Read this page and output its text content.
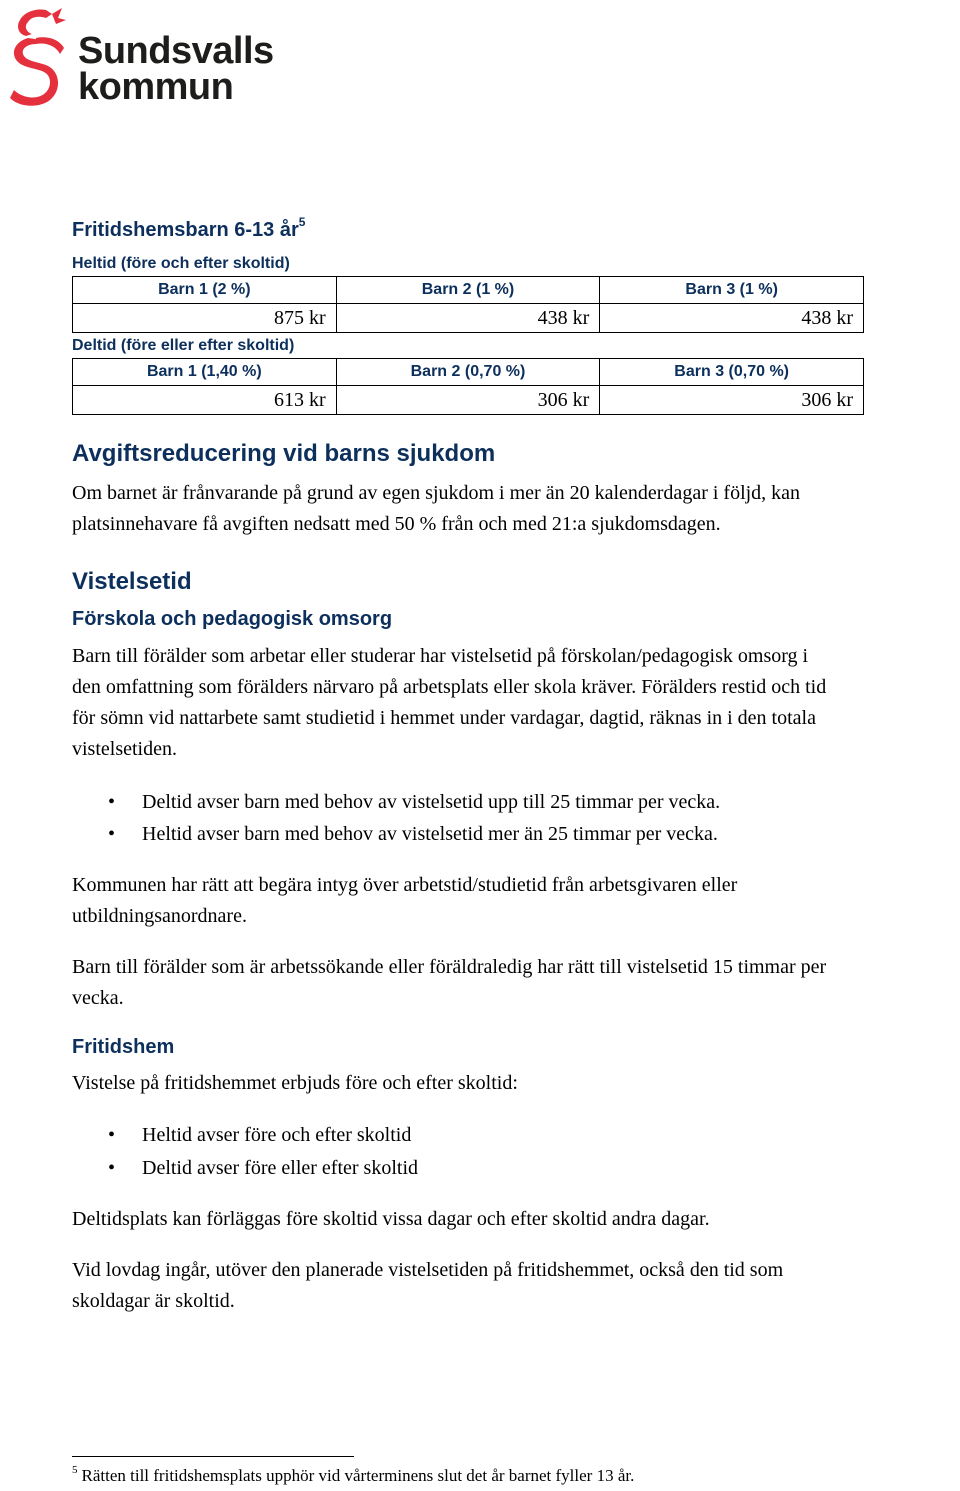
Sundsvalls
kommun
Fritidshemsbarn 6-13 $år^5$
Heltid (före och efter skoltid)
Barn 1 (2 %)	Barn 2 (1 %)	Barn 3 (1 %)
875 kr	438 kr	438 kr
Deltid (före eller efter skoltid)
Barn 1 (1,40 %)	Barn 2 (0,70 %)	Barn 3 (0,70 %)
613 kr	306 kr	306 kr
Avgiftsreducering vid barns sjukdom
Om barnet är frånvarande på grund av egen sjukdom i mer än 20 kalenderdagar i följd, kan
platsinnehavare få avgiften nedsatt med 50 % från och med 21:a sjukdomsdagen.
Vistelsetid
Förskola och pedagogisk omsorg
Barn till förälder som arbetar eller studerar har vistelsetid på förskolan/pedagogisk omsorg i
den omfattning som förälders närvaro på arbetsplats eller skola kräver. Förälders restid och tid
för sömn vid nattarbete samt studietid i hemmet under vardagar, dagtid, räknas in i den totala
vistelsetiden.
• Deltid avser barn med behov av vistelsetid upp till 25 timmar per vecka.
• Heltid avser barn med behov av vistelsetid mer än 25 timmar per vecka.
Kommunen har rätt att begära intyg över arbetstid/studietid från arbetsgivaren eller
utbildningsanordnare.
Barn till förälder som är arbetssökande eller föräldraledig har rätt till vistelsetid 15 timmar per
vecka.
Fritidshem
Vistelse på fritidshemmet erbjuds före och efter skoltid:
• Heltid avser före och efter skoltid
• Deltid avser före eller efter skoltid
Deltidsplats kan förläggas före skoltid vissa dagar och efter skoltid andra dagar.
Vid lovdag ingår, utöver den planerade vistelsetiden på fritidshemmet, också den tid som
skoldagar är skoltid.
$^5$ Rätten till fritidshemsplats upphör vid vårterminens slut det år barnet fyller 13 år.
